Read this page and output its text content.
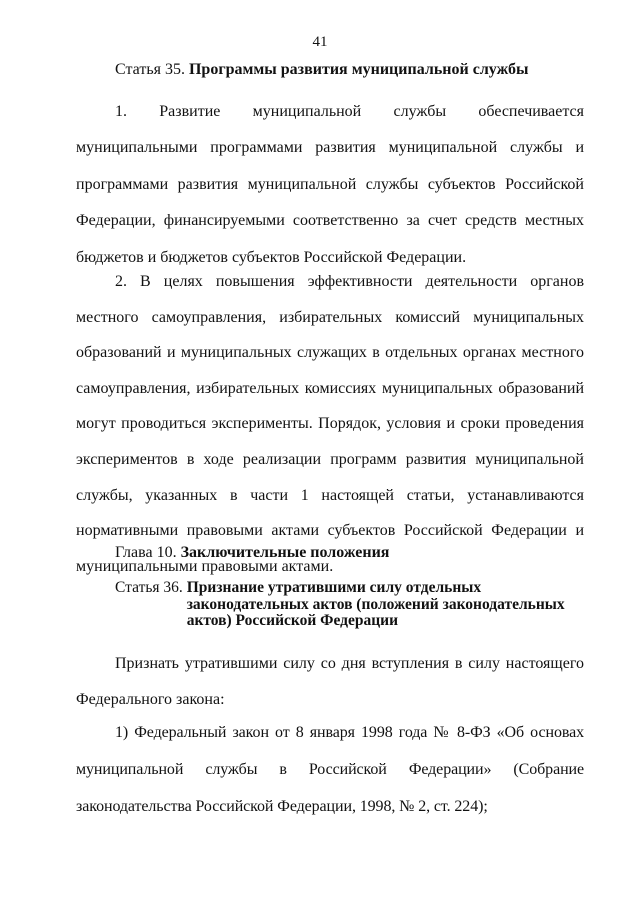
41
Статья 35. Программы развития муниципальной службы
1. Развитие муниципальной службы обеспечивается муниципальными программами развития муниципальной службы и программами развития муниципальной службы субъектов Российской Федерации, финансируемыми соответственно за счет средств местных бюджетов и бюджетов субъектов Российской Федерации.
2. В целях повышения эффективности деятельности органов местного самоуправления, избирательных комиссий муниципальных образований и муниципальных служащих в отдельных органах местного самоуправления, избирательных комиссиях муниципальных образований могут проводиться эксперименты. Порядок, условия и сроки проведения экспериментов в ходе реализации программ развития муниципальной службы, указанных в части 1 настоящей статьи, устанавливаются нормативными правовыми актами субъектов Российской Федерации и муниципальными правовыми актами.
Глава 10. Заключительные положения
Статья 36. Признание утратившими силу отдельных
законодательных актов (положений законодательных
актов) Российской Федерации
Признать утратившими силу со дня вступления в силу настоящего Федерального закона:
1) Федеральный закон от 8 января 1998 года № 8-ФЗ «Об основах муниципальной службы в Российской Федерации» (Собрание законодательства Российской Федерации, 1998, № 2, ст. 224);
